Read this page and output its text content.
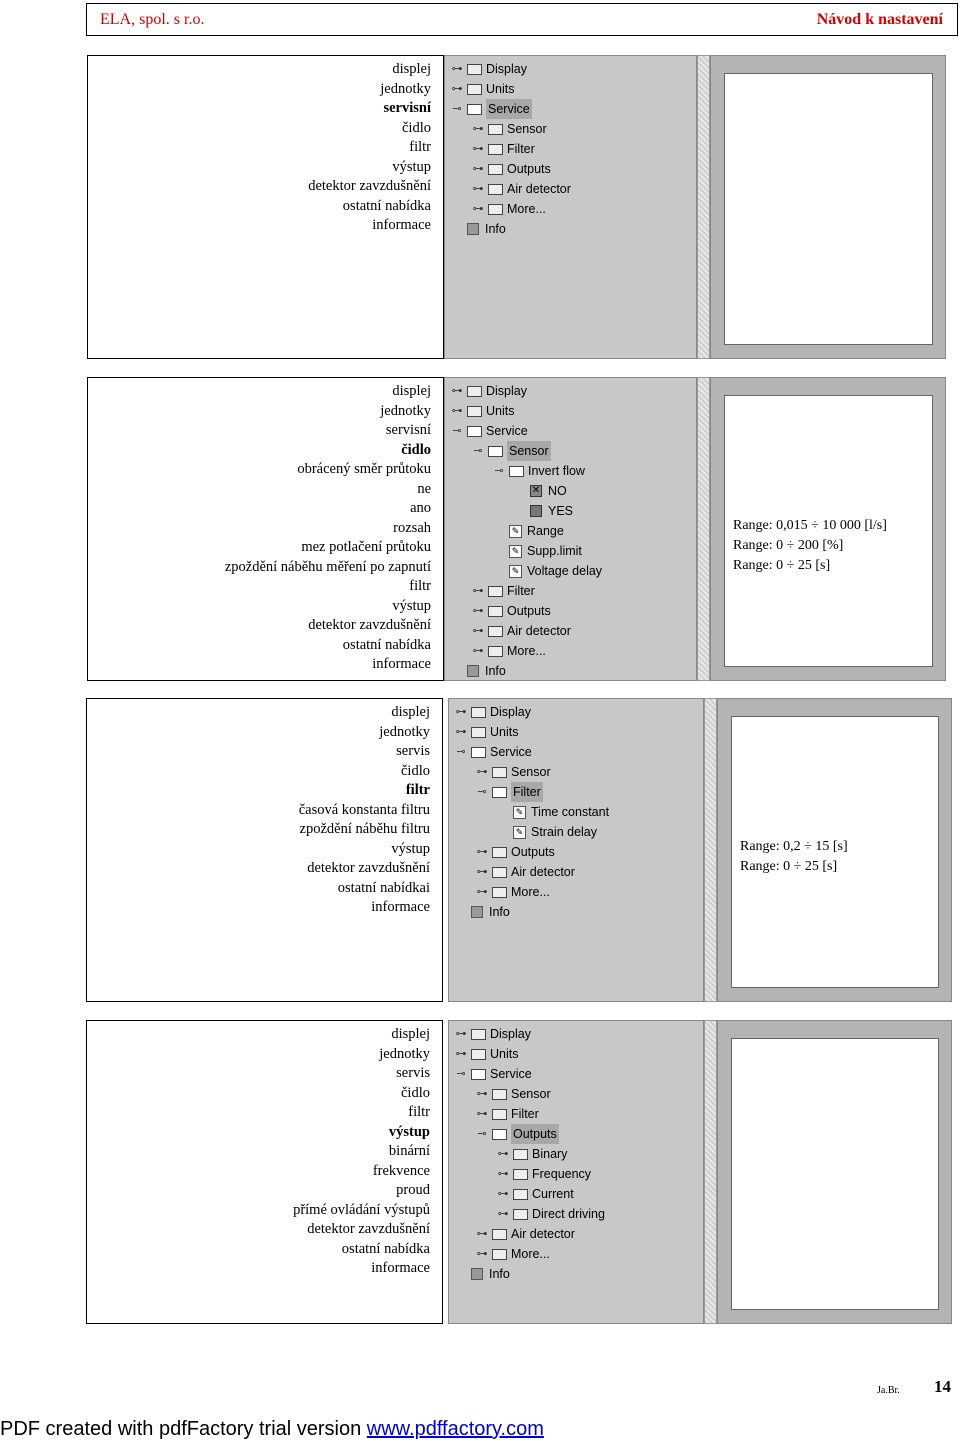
ELA, spol. s r.o.	Návod k nastavení
displej
jednotky
servisní
čidlo
filtr
výstup
detektor zavzdušnění
ostatní nabídka
informace
⊶	Display
⊶	Units
⊸	Service
⊶	Sensor
⊶	Filter
⊶	Outputs
⊶	Air detector
⊶	More...
Info
displej
jednotky
servisní
čidlo
obrácený směr průtoku
ne
ano
rozsah
mez potlačení průtoku
zpoždění náběhu měření po zapnutí
filtr
výstup
detektor zavzdušnění
ostatní nabídka
informace
⊶	Display
⊶	Units
⊸	Service
⊸	Sensor
⊸	Invert flow
✕ NO
YES
✎ Range
✎ Supp.limit
✎ Voltage delay
⊶	Filter
⊶	Outputs
⊶	Air detector
⊶	More...
Info
Range: 0,015 ÷ 10 000 [l/s]
Range: 0 ÷ 200 [%]
Range: 0 ÷ 25 [s]
displej
jednotky
servis
čidlo
filtr
časová konstanta filtru
zpoždění náběhu filtru
výstup
detektor zavzdušnění
ostatní nabídkai
informace
⊶	Display
⊶	Units
⊸	Service
⊶	Sensor
⊸	Filter
✎ Time constant
✎ Strain delay
⊶	Outputs
⊶	Air detector
⊶	More...
Info
Range: 0,2 ÷ 15 [s]
Range: 0 ÷ 25 [s]
displej
jednotky
servis
čidlo
filtr
výstup
binární
frekvence
proud
přímé ovládání výstupů
detektor zavzdušnění
ostatní nabídka
informace
⊶	Display
⊶	Units
⊸	Service
⊶	Sensor
⊶	Filter
⊸	Outputs
⊶	Binary
⊶	Frequency
⊶	Current
⊶	Direct driving
⊶	Air detector
⊶	More...
Info
Ja.Br. 14
PDF created with pdfFactory trial version www.pdffactory.com
